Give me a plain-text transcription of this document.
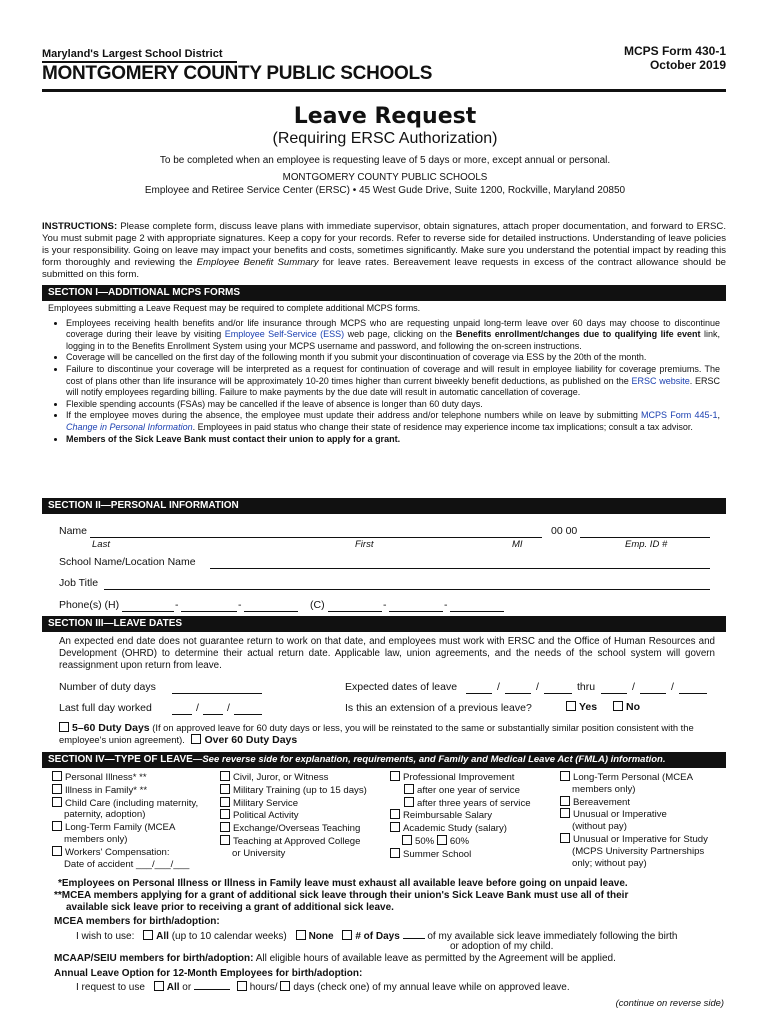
Maryland's Largest School District
MONTGOMERY COUNTY PUBLIC SCHOOLS
MCPS Form 430-1
October 2019
Leave Request
(Requiring ERSC Authorization)
To be completed when an employee is requesting leave of 5 days or more, except annual or personal.
MONTGOMERY COUNTY PUBLIC SCHOOLS
Employee and Retiree Service Center (ERSC) • 45 West Gude Drive, Suite 1200, Rockville, Maryland 20850
INSTRUCTIONS: Please complete form, discuss leave plans with immediate supervisor, obtain signatures, attach proper documentation, and forward to ERSC. You must submit page 2 with appropriate signatures. Keep a copy for your records. Refer to reverse side for detailed instructions. Understanding of leave policies is your responsibility. Going on leave may impact your benefits and costs, sometimes significantly. Make sure you understand the potential impact by reading this form thoroughly and reviewing the Employee Benefit Summary for leave rates. Bereavement leave requests in excess of the contract allowance should be submitted on this form.
SECTION I—ADDITIONAL MCPS FORMS
Employees submitting a Leave Request may be required to complete additional MCPS forms.
• Employees receiving health benefits and/or life insurance through MCPS who are requesting unpaid long-term leave over 60 days may choose to discontinue coverage during their leave by visiting Employee Self-Service (ESS) web page, clicking on the Benefits enrollment/changes due to qualifying life event link, logging in to the Benefits Enrollment System using your MCPS username and password, and following the on-screen instructions.
• Coverage will be cancelled on the first day of the following month if you submit your discontinuation of coverage via ESS by the 20th of the month.
• Failure to discontinue your coverage will be interpreted as a request for continuation of coverage and will result in employee liability for coverage premiums. The cost of plans other than life insurance will be approximately 10-20 times higher than current biweekly benefit deductions, as published on the ERSC website. ERSC will notify employees regarding billing. Failure to make payments by the due date will result in automatic cancellation of coverage.
• Flexible spending accounts (FSAs) may be cancelled if the leave of absence is longer than 60 duty days.
• If the employee moves during the absence, the employee must update their address and/or telephone numbers while on leave by submitting MCPS Form 445-1, Change in Personal Information. Employees in paid status who change their state of residence may experience income tax implications; consult a tax advisor.
• Members of the Sick Leave Bank must contact their union to apply for a grant.
SECTION II—PERSONAL INFORMATION
Name	00 00
Last	First	MI	Emp. ID #
School Name/Location Name
Job Title
Phone(s) (H)	-	-	(C)	-	-
SECTION III—LEAVE DATES
An expected end date does not guarantee return to work on that date, and employees must work with ERSC and the Office of Human Resources and Development (OHRD) to determine their actual return date. Applicable law, union agreements, and the needs of the school system will govern reassignment upon return from leave.
Number of duty days	Expected dates of leave	/	/	thru	/	/
Last full day worked	/	/	Is this an extension of a previous leave?	Yes	No
5–60 Duty Days (If on approved leave for 60 duty days or less, you will be reinstated to the same or substantially similar position consistent with the employee's union agreement). Over 60 Duty Days
SECTION IV—TYPE OF LEAVE—See reverse side for explanation, requirements, and Family and Medical Leave Act (FMLA) information.
Personal Illness* **
Illness in Family* **
Child Care (including maternity,
paternity, adoption)
Long-Term Family (MCEA
members only)
Workers' Compensation:
Date of accident ___/___/___
Civil, Juror, or Witness
Military Training (up to 15 days)
Military Service
Political Activity
Exchange/Overseas Teaching
Teaching at Approved College
or University
Professional Improvement
after one year of service
after three years of service
Reimbursable Salary
Academic Study (salary)
50% 60%
Summer School
Long-Term Personal (MCEA
members only)
Bereavement
Unusual or Imperative
(without pay)
Unusual or Imperative for Study
(MCPS University Partnerships
only; without pay)
*Employees on Personal Illness or Illness in Family leave must exhaust all available leave before going on unpaid leave.
**MCEA members applying for a grant of additional sick leave through their union's Sick Leave Bank must use all of their
available sick leave prior to receiving a grant of additional sick leave.
MCEA members for birth/adoption:
I wish to use: All (up to 10 calendar weeks) None # of Days	of my available sick leave immediately following the birth
or adoption of my child.
MCAAP/SEIU members for birth/adoption: All eligible hours of available leave as permitted by the Agreement will be applied.
Annual Leave Option for 12-Month Employees for birth/adoption:
I request to use All or	hours/ days (check one) of my annual leave while on approved leave.
(continue on reverse side)
